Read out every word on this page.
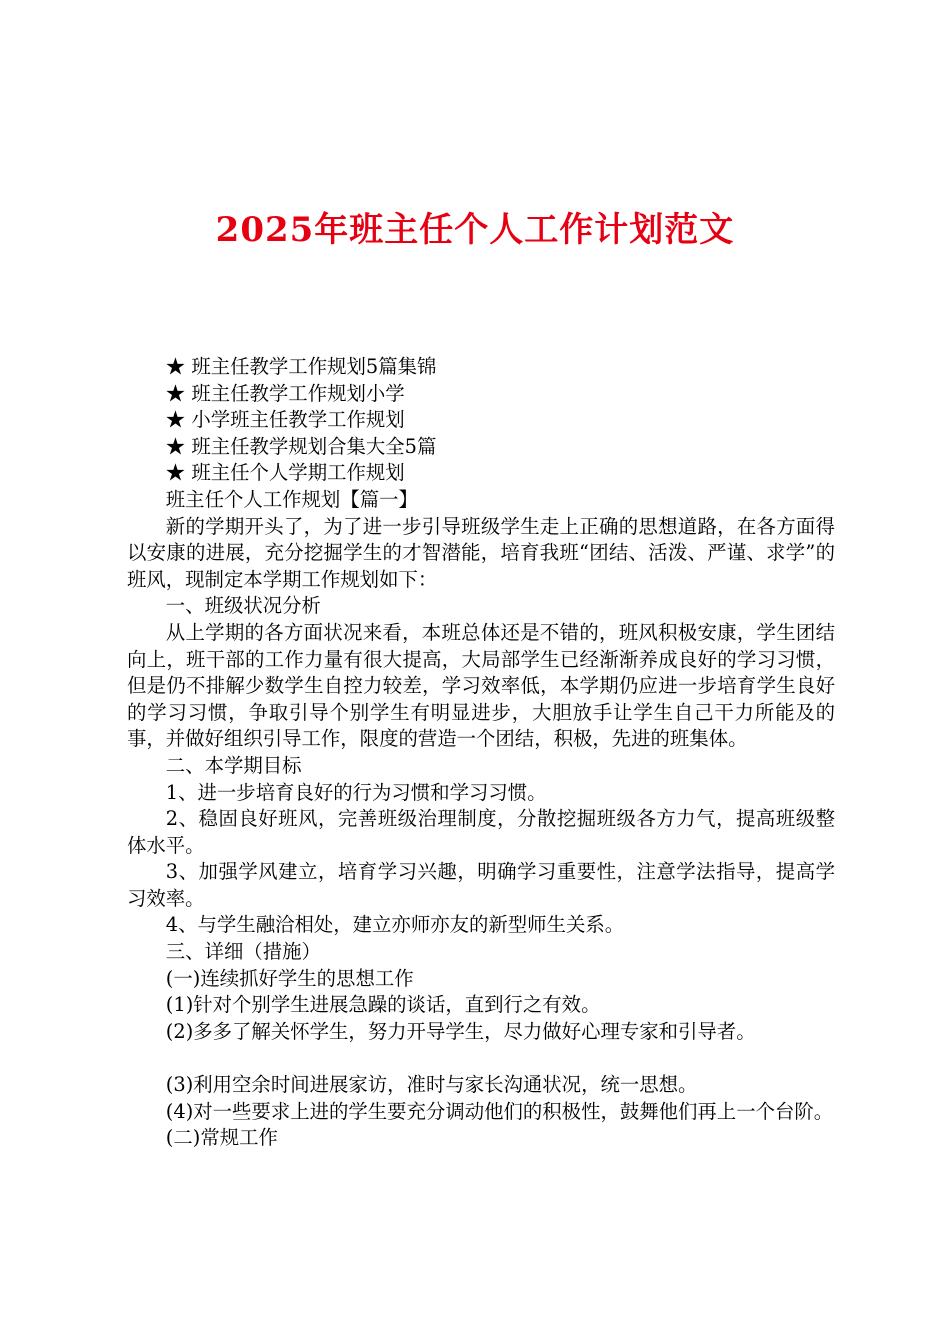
2025年班主任个人工作计划范文

★ 班主任教学工作规划5篇集锦

★ 班主任教学工作规划小学

★ 小学班主任教学工作规划

★ 班主任教学规划合集大全5篇

★ 班主任个人学期工作规划

班主任个人工作规划【篇一】

新的学期开头了，为了进一步引导班级学生走上正确的思想道路，在各方面得以安康的进展，充分挖掘学生的才智潜能，培育我班“团结、活泼、严谨、求学”的班风，现制定本学期工作规划如下：

一、班级状况分析

从上学期的各方面状况来看，本班总体还是不错的，班风积极安康，学生团结向上，班干部的工作力量有很大提高，大局部学生已经渐渐养成良好的学习习惯，但是仍不排解少数学生自控力较差，学习效率低，本学期仍应进一步培育学生良好的学习习惯，争取引导个别学生有明显进步，大胆放手让学生自己干力所能及的事，并做好组织引导工作，限度的营造一个团结，积极，先进的班集体。

二、本学期目标

1、进一步培育良好的行为习惯和学习习惯。

2、稳固良好班风，完善班级治理制度，分散挖掘班级各方力气，提高班级整体水平。

3、加强学风建立，培育学习兴趣，明确学习重要性，注意学法指导，提高学习效率。

4、与学生融洽相处，建立亦师亦友的新型师生关系。

三、详细（措施）

(一)连续抓好学生的思想工作

(1)针对个别学生进展急躁的谈话，直到行之有效。

(2)多多了解关怀学生，努力开导学生，尽力做好心理专家和引导者。

(3)利用空余时间进展家访，准时与家长沟通状况，统一思想。

(4)对一些要求上进的学生要充分调动他们的积极性，鼓舞他们再上一个台阶。

(二)常规工作
